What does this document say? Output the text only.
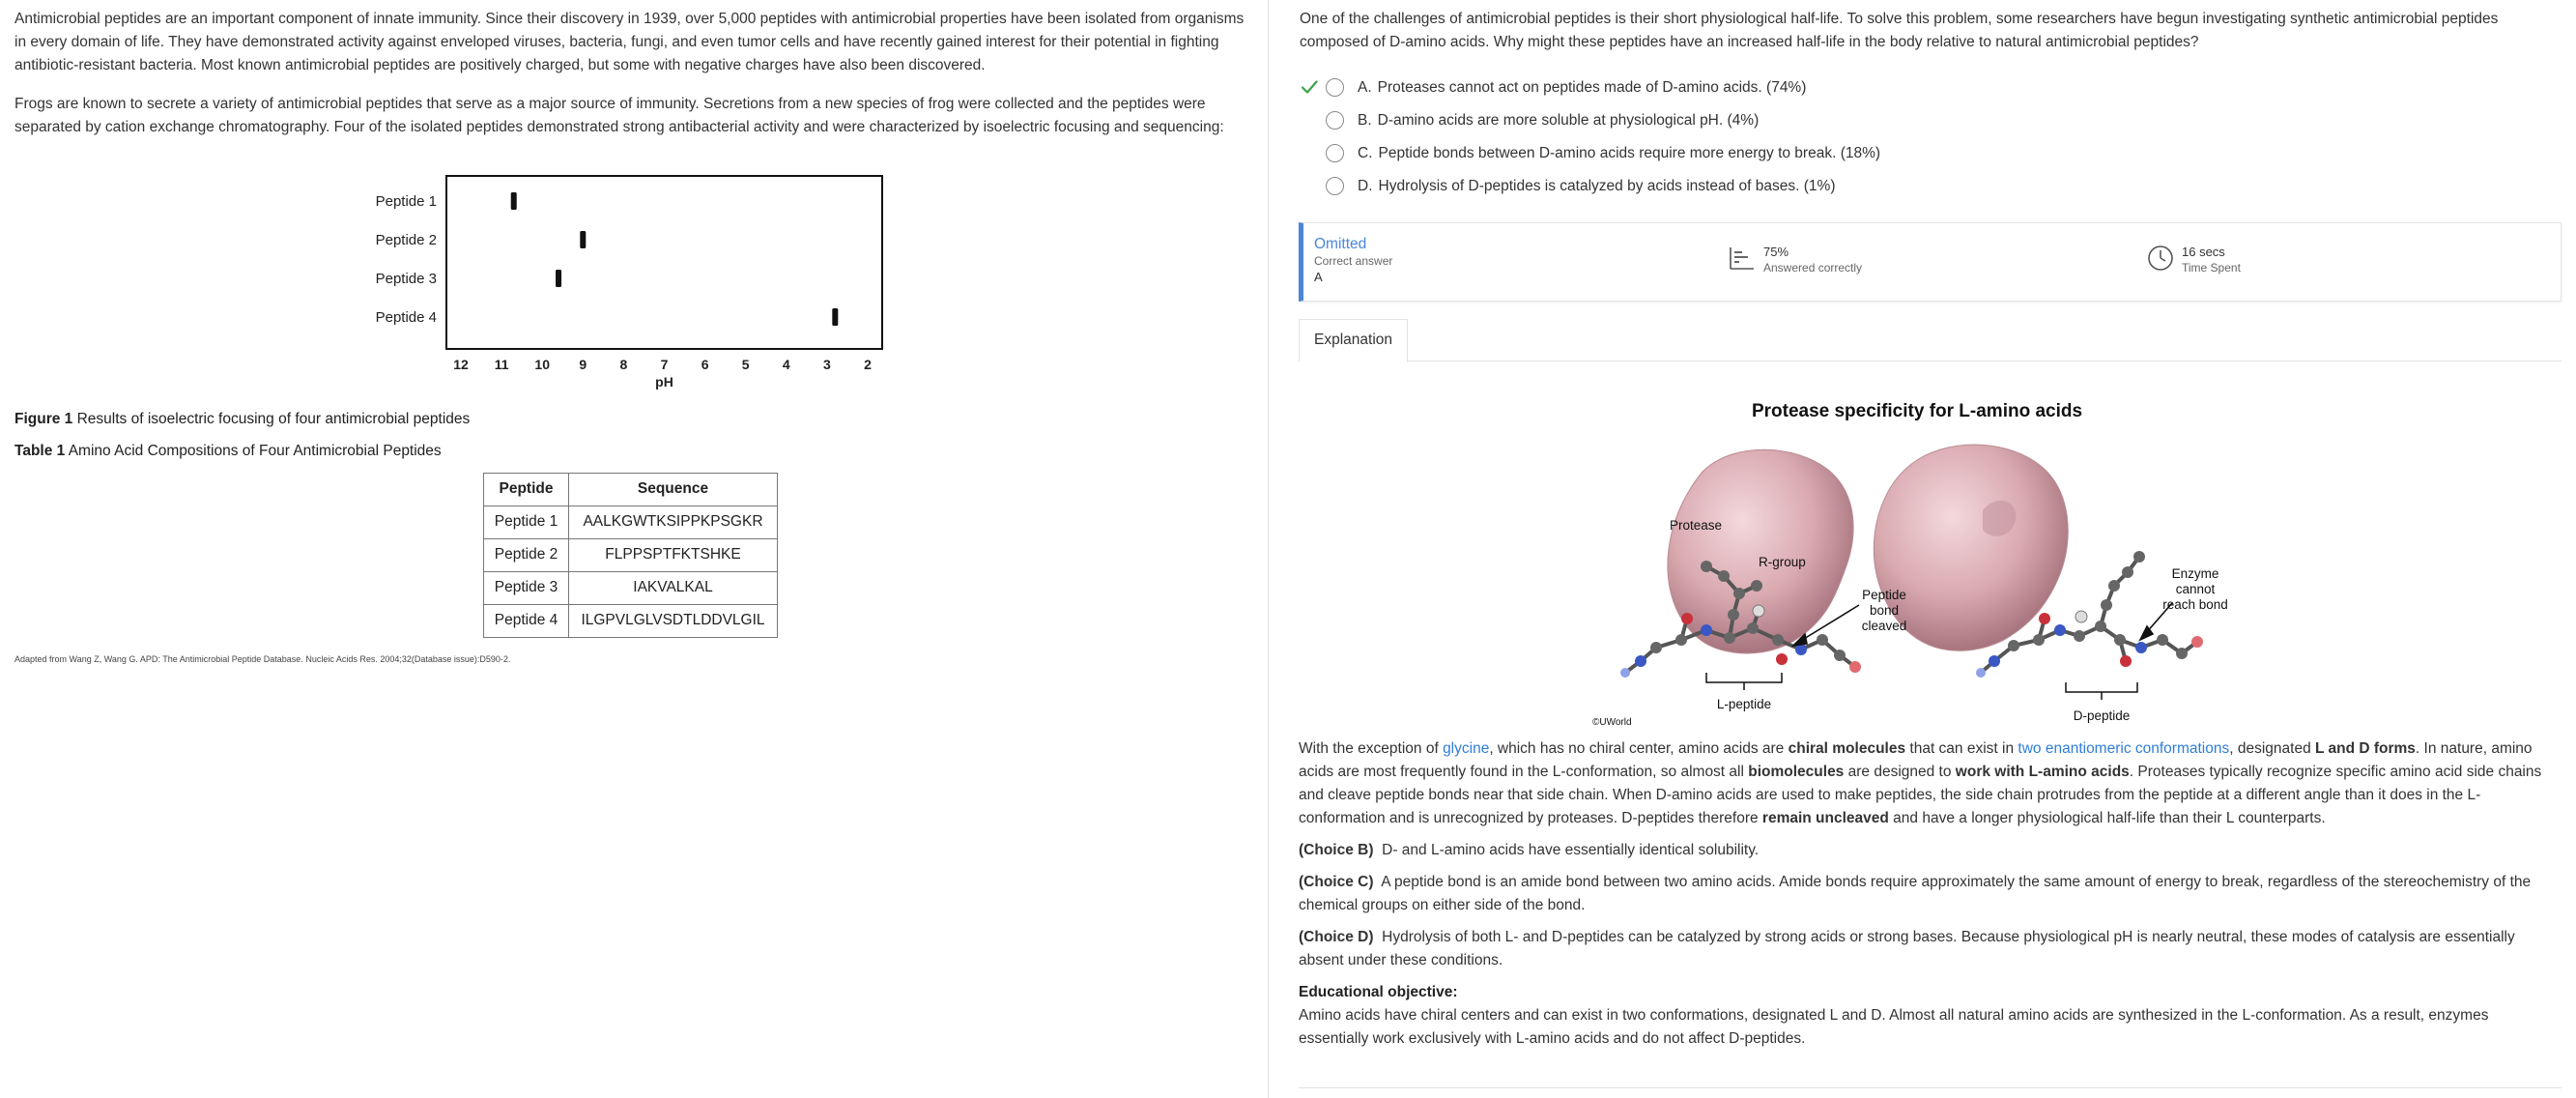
Antimicrobial peptides are an important component of innate immunity. Since their discovery in 1939, over 5,000 peptides with antimicrobial properties have been isolated from organisms in every domain of life. They have demonstrated activity against enveloped viruses, bacteria, fungi, and even tumor cells and have recently gained interest for their potential in fighting antibiotic-resistant bacteria. Most known antimicrobial peptides are positively charged, but some with negative charges have also been discovered.

Frogs are known to secrete a variety of antimicrobial peptides that serve as a major source of immunity. Secretions from a new species of frog were collected and the peptides were separated by cation exchange chromatography. Four of the isolated peptides demonstrated strong antibacterial activity and were characterized by isoelectric focusing and sequencing:

Peptide 1
Peptide 2
Peptide 3
Peptide 4
12 11 10 9 8 7 6 5 4 3 2
pH
Figure 1 Results of isoelectric focusing of four antimicrobial peptides
Table 1 Amino Acid Compositions of Four Antimicrobial Peptides
Peptide	Sequence
Peptide 1	AALKGWTKSIPPKPSGKR
Peptide 2	FLPPSPTFKTSHKE
Peptide 3	IAKVALKAL
Peptide 4	ILGPVLGLVSDTLDDVLGIL
Adapted from Wang Z, Wang G. APD: The Antimicrobial Peptide Database. Nucleic Acids Res. 2004;32(Database issue):D590-2.

One of the challenges of antimicrobial peptides is their short physiological half-life. To solve this problem, some researchers have begun investigating synthetic antimicrobial peptides composed of D-amino acids. Why might these peptides have an increased half-life in the body relative to natural antimicrobial peptides?

A. Proteases cannot act on peptides made of D-amino acids.
(74%)
B. D-amino acids are more soluble at physiological pH.
(4%)
C. Peptide bonds between D-amino acids require more energy to break.
(18%)
D. Hydrolysis of D-peptides is catalyzed by acids instead of bases.
(1%)
Omitted
Correct answer
A
75%
Answered correctly
16 secs
Time Spent
Explanation
Protease specificity for L-amino acids
Protease
R-group
Peptide
bond
cleaved
Enzyme
cannot
reach bond
L-peptide
D-peptide
©UWorld

With the exception of glycine, which has no chiral center, amino acids are chiral molecules that can exist in two enantiomeric conformations, designated L and D forms. In nature, amino acids are most frequently found in the L-conformation, so almost all biomolecules are designed to work with L-amino acids. Proteases typically recognize specific amino acid side chains and cleave peptide bonds near that side chain. When D-amino acids are used to make peptides, the side chain protrudes from the peptide at a different angle than it does in the L-conformation and is unrecognized by proteases. D-peptides therefore remain uncleaved and have a longer physiological half-life than their L counterparts.

(Choice B) D- and L-amino acids have essentially identical solubility.

(Choice C) A peptide bond is an amide bond between two amino acids. Amide bonds require approximately the same amount of energy to break, regardless of the stereochemistry of the chemical groups on either side of the bond.

(Choice D) Hydrolysis of both L- and D-peptides can be catalyzed by strong acids or strong bases. Because physiological pH is nearly neutral, these modes of catalysis are essentially absent under these conditions.

Educational objective:

Amino acids have chiral centers and can exist in two conformations, designated L and D. Almost all natural amino acids are synthesized in the L-conformation. As a result, enzymes essentially work exclusively with L-amino acids and do not affect D-peptides.
